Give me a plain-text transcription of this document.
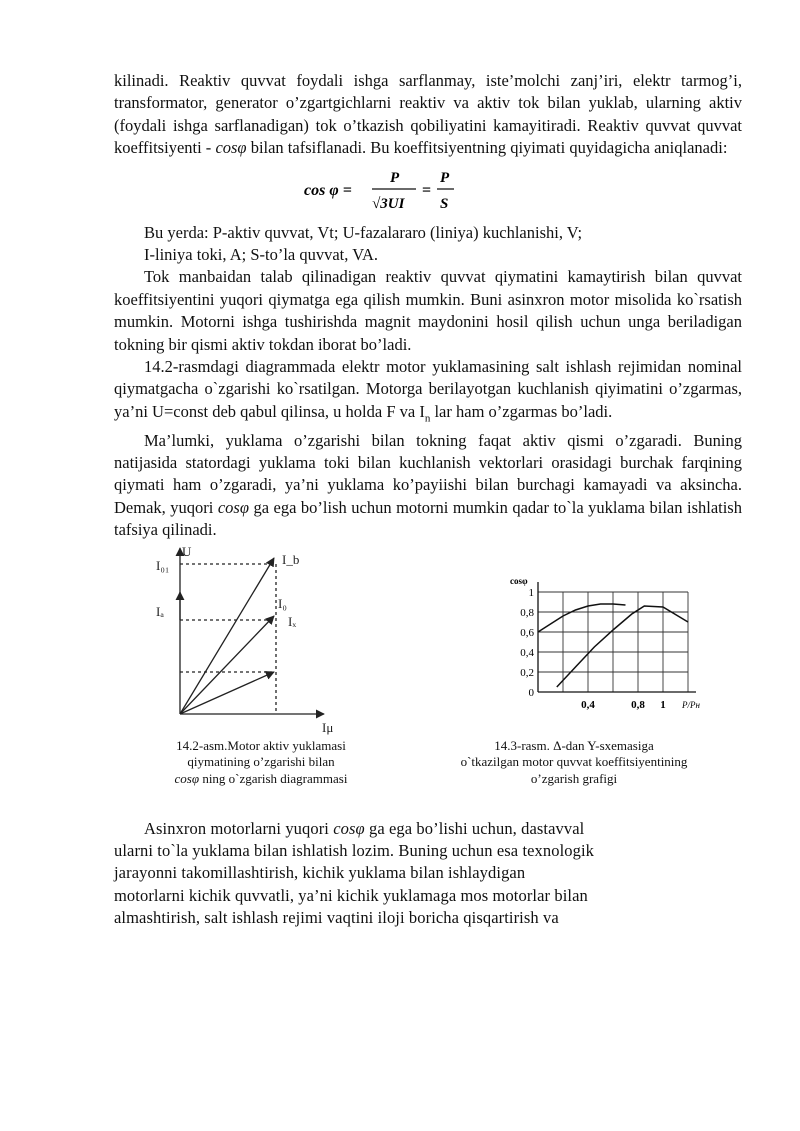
kilinadi. Reaktiv quvvat foydali ishga sarflanmay, iste’molchi zanj’iri, elektr tarmog’i, transformator, generator o’zgartgichlarni reaktiv va aktiv tok bilan yuklab, ularning aktiv (foydali ishga sarflanadigan) tok o’tkazish qobiliyatini kamayitiradi. Reaktiv quvvat quvvat koeffitsiyenti - cosφ bilan tafsiflanadi. Bu koeffitsiyentning qiyimati quyidagicha aniqlanadi:

cos φ =
P
√3UI
=
P
S

Bu yerda: P-aktiv quvvat, Vt; U-fazalararo (liniya) kuchlanishi, V;

I-liniya toki, A; S-to’la quvvat, VA.

Tok manbaidan talab qilinadigan reaktiv quvvat qiymatini kamaytirish bilan quvvat koeffitsiyentini yuqori qiymatga ega qilish mumkin. Buni asinxron motor misolida ko`rsatish mumkin. Motorni ishga tushirishda magnit maydonini hosil qilish uchun unga beriladigan tokning bir qismi aktiv tokdan iborat bo’ladi.

14.2-rasmdagi diagrammada elektr motor yuklamasining salt ishlash rejimidan nominal qiymatgacha o`zgarishi ko`rsatilgan. Motorga berilayotgan kuchlanish qiyimatini o’zgarmas, ya’ni U=const deb qabul qilinsa, u holda F va $I_n$ lar ham o’zgarmas bo’ladi.

Ma’lumki, yuklama o’zgarishi bilan tokning faqat aktiv qismi o’zgaradi. Buning natijasida statordagi yuklama toki bilan kuchlanish vektorlari orasidagi burchak farqining qiymati ham o’zgaradi, ya’ni yuklama ko’payiishi bilan burchagi kamayadi va aksincha. Demak, yuqori cosφ ga ega bo’lish uchun motorni mumkin qadar to`la yuklama bilan ishlatish tafsiya qilinadi.

U
I₀₁
Iₐ
I_b
I₀
Iₓ
Iμ
cosφ
0
0,2
0,4
0,6
0,8
1
0,4	0,8 1 P/Pн
14.2-asm.Motor aktiv yuklamasi
qiymatining o’zgarishi bilan
cosφ ning o`zgarish diagrammasi
14.3-rasm. Δ-dan Y-sxemasiga
o`tkazilgan motor quvvat koeffitsiyentining
o’zgarish grafigi

Asinxron motorlarni yuqori cosφ ga ega bo’lishi uchun, dastavval

ularni to`la yuklama bilan ishlatish lozim. Buning uchun esa texnologik

jarayonni takomillashtirish, kichik yuklama bilan ishlaydigan

motorlarni kichik quvvatli, ya’ni kichik yuklamaga mos motorlar bilan

almashtirish, salt ishlash rejimi vaqtini iloji boricha qisqartirish va
